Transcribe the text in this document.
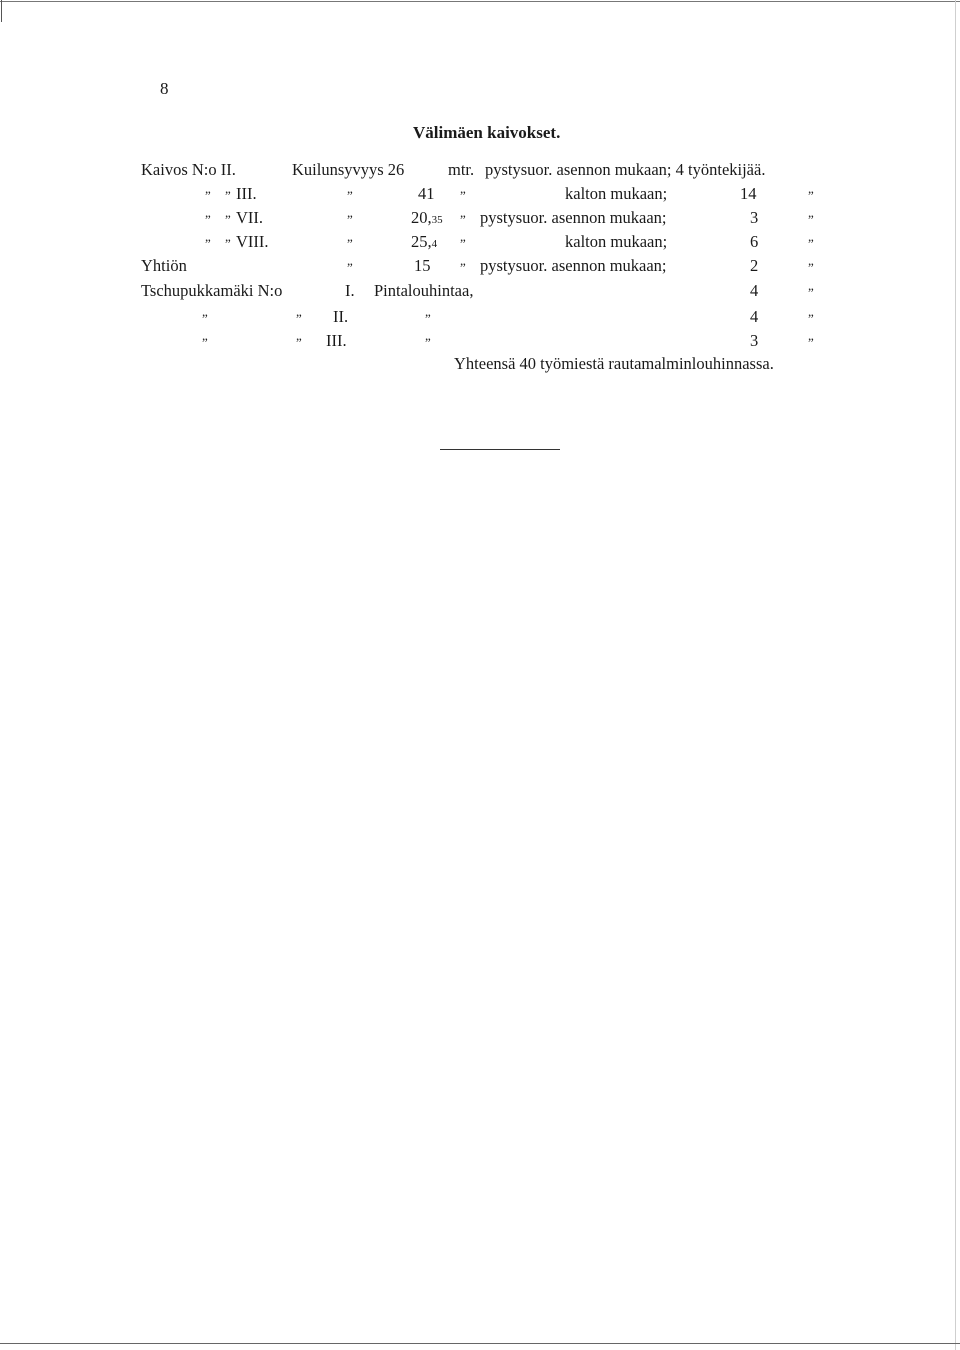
8
Välimäen kaivokset.
Kaivos N:o II.	Kuilunsyvyys 26	mtr. pystysuor. asennon mukaan; 4 työntekijää.
” ” III.	”	41 ”	kalton mukaan;	14	”
” ” VII.	”	20,35 ” pystysuor. asennon mukaan;	3	”
” ” VIII.	”	25,4 ”	kalton mukaan;	6	”
Yhtiön	”	15 ” pystysuor. asennon mukaan;	2	”
Tschupukkamäki N:o	I. Pintalouhintaa,	4	”
”	” II.	”	4	”
”	” III.	”	3	”
Yhteensä 40 työmiestä rautamalminlouhinnassa.
